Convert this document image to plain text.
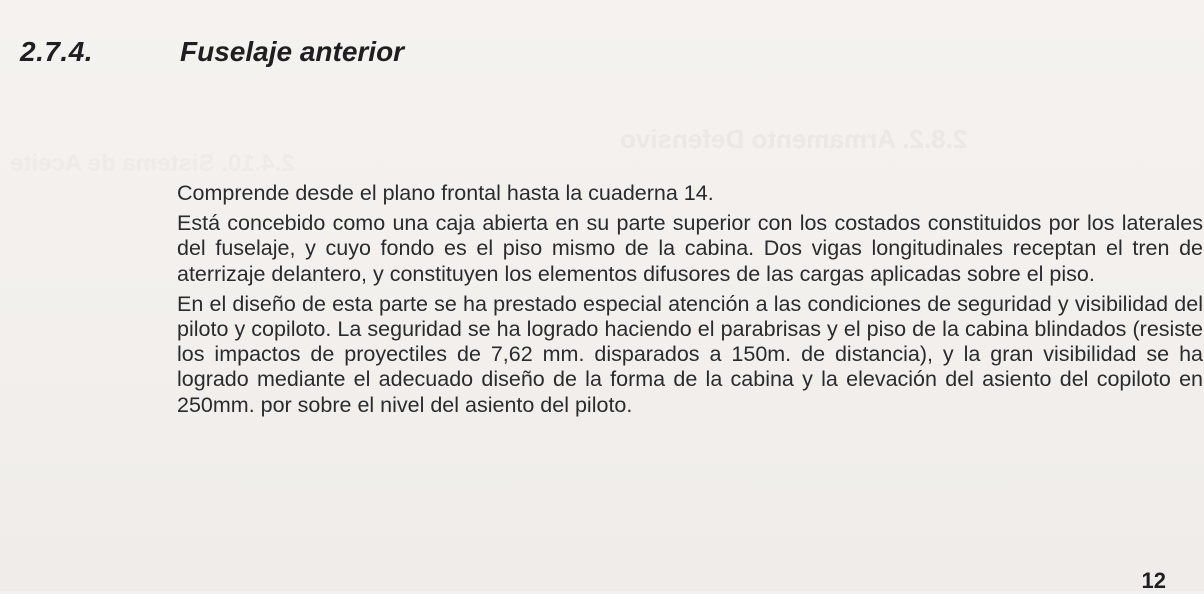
2.8.2. Armamento Defensivo
2.4.10. Sistema de Aceite
2.7.4.	Fuselaje anterior

Comprende desde el plano frontal hasta la cuaderna 14.

Está concebido como una caja abierta en su parte superior con los costados constituidos por los laterales del fuselaje, y cuyo fondo es el piso mismo de la cabina. Dos vigas longitudinales receptan el tren de aterrizaje delantero, y constituyen los elementos difusores de las cargas aplicadas sobre el piso.

En el diseño de esta parte se ha prestado especial atención a las condiciones de seguridad y visibilidad del piloto y copiloto. La seguridad se ha logrado haciendo el parabrisas y el piso de la cabina blindados (resiste los impactos de proyectiles de 7,62 mm. disparados a 150m. de distancia), y la gran visibilidad se ha logrado mediante el adecuado diseño de la forma de la cabina y la elevación del asiento del copiloto en 250mm. por sobre el nivel del asiento del piloto.

12
